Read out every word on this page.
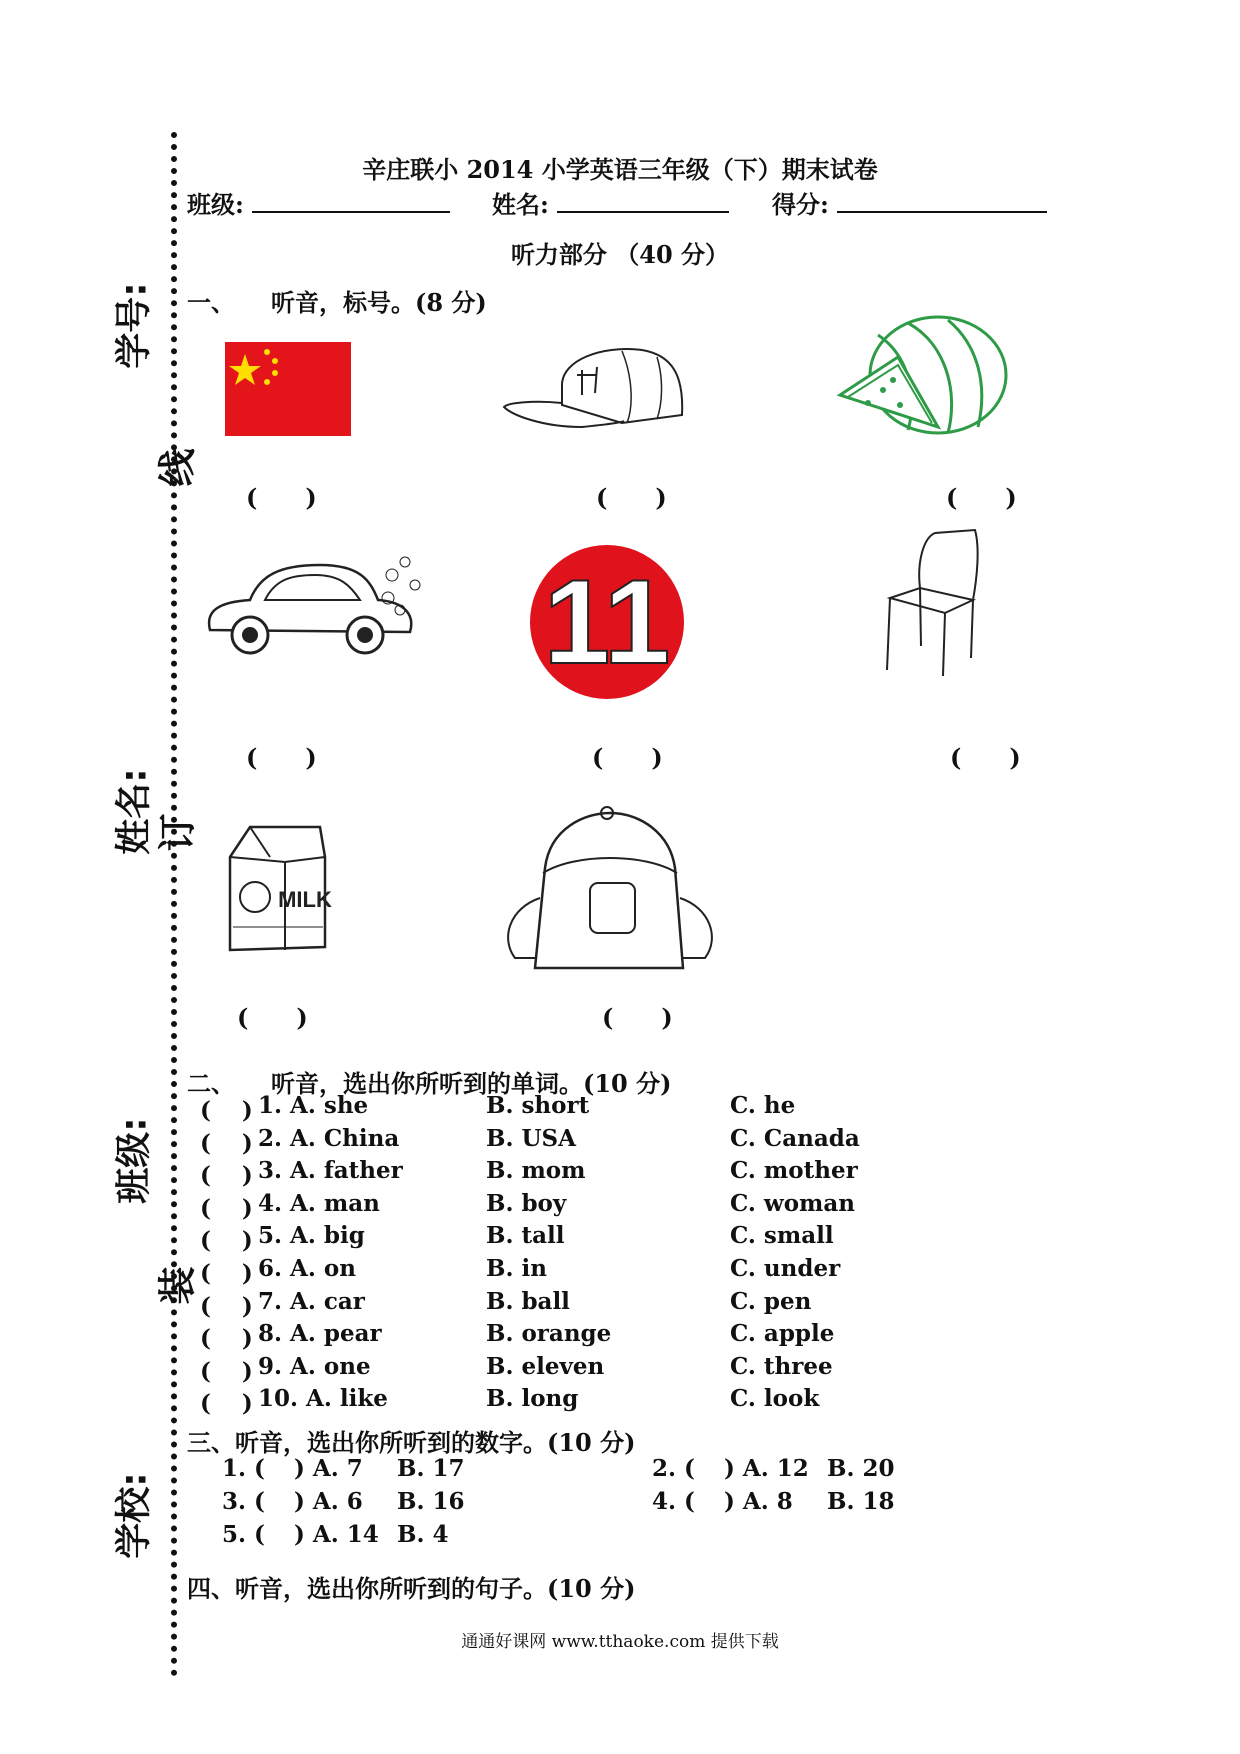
学号:
姓名:
班级:
学校:
线
订
装
辛庄联小 2014 小学英语三年级（下）期末试卷
班级:	姓名:	得分:
听力部分 （40 分）
一、　　听音，标号。(8 分)
(　　)	(　　)	(　　)
11
(　　)	(　　)	(　　)
MILK
(　　)	(　　)
二、　　听音，选出你所听到的单词。(10 分)
(　 ) 1. A. she	B. short	C. he
(　 ) 2. A. China	B. USA	C. Canada
(　 ) 3. A. father	B. mom	C. mother
(　 ) 4. A. man	B. boy	C. woman
(　 ) 5. A. big	B. tall	C. small
(　 ) 6. A. on	B. in	C. under
(　 ) 7. A. car	B. ball	C. pen
(　 ) 8. A. pear	B. orange	C. apple
(　 ) 9. A. one	B. eleven	C. three
(　 ) 10. A. like	B. long	C. look
三、听音，选出你所听到的数字。(10 分)
1. ( ) A. 7 B. 17	2. ( ) A. 12 B. 20
3. ( ) A. 6 B. 16	4. ( ) A. 8 B. 18
5. ( ) A. 14 B. 4
四、听音，选出你所听到的句子。(10 分)
通通好课网 www.tthaoke.com 提供下载
